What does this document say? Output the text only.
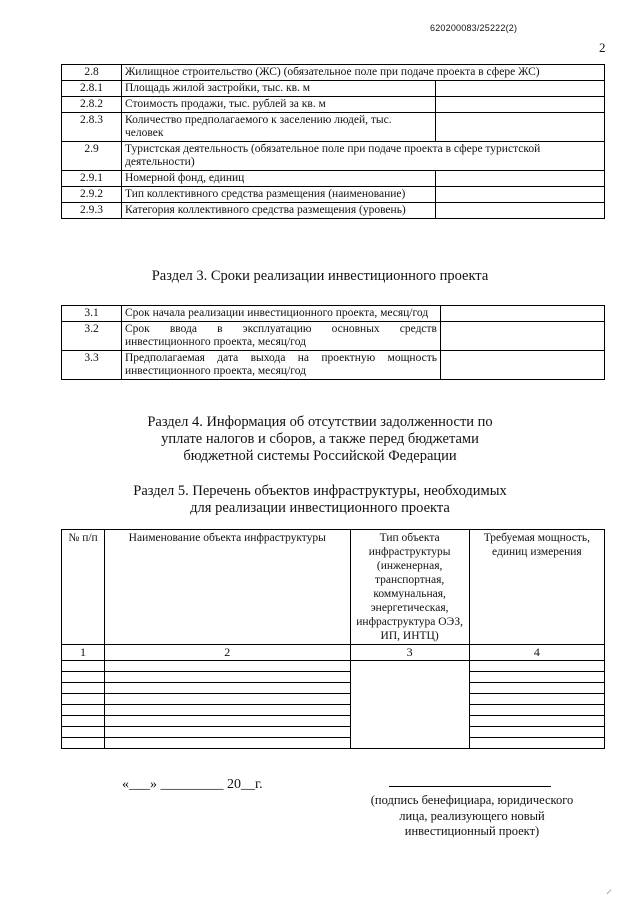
620200083/25222(2)
2
2.8	Жилищное строительство (ЖС) (обязательное поле при подаче проекта в сфере ЖС)	
2.8.1	Площадь жилой застройки, тыс. кв. м	
2.8.2	Стоимость продажи, тыс. рублей за кв. м	
2.8.3	Количество предполагаемого к заселению людей, тыс. человек	
2.9	Туристская деятельность (обязательное поле при подаче проекта в сфере туристской деятельности)	
2.9.1	Номерной фонд, единиц	
2.9.2	Тип коллективного средства размещения (наименование)	
2.9.3	Категория коллективного средства размещения (уровень)	
Раздел 3. Сроки реализации инвестиционного проекта
3.1	Срок начала реализации инвестиционного проекта, месяц/год	
3.2	Срок ввода в эксплуатацию основных средств инвестиционного проекта, месяц/год	
3.3	Предполагаемая дата выхода на проектную мощность инвестиционного проекта, месяц/год	
Раздел 4. Информация об отсутствии задолженности по
уплате налогов и сборов, а также перед бюджетами
бюджетной системы Российской Федерации
Раздел 5. Перечень объектов инфраструктуры, необходимых
для реализации инвестиционного проекта
№ п/п	Наименование объекта инфраструктуры	Тип объекта инфраструктуры (инженерная, транспортная, коммунальная, энергетическая, инфраструктура ОЭЗ, ИП, ИНТЦ)	Требуемая мощность, единиц измерения
1	2	3	4

«___» _________ 20__г.
(подпись бенефициара, юридического
лица, реализующего новый
инвестиционный проект)
⸝
